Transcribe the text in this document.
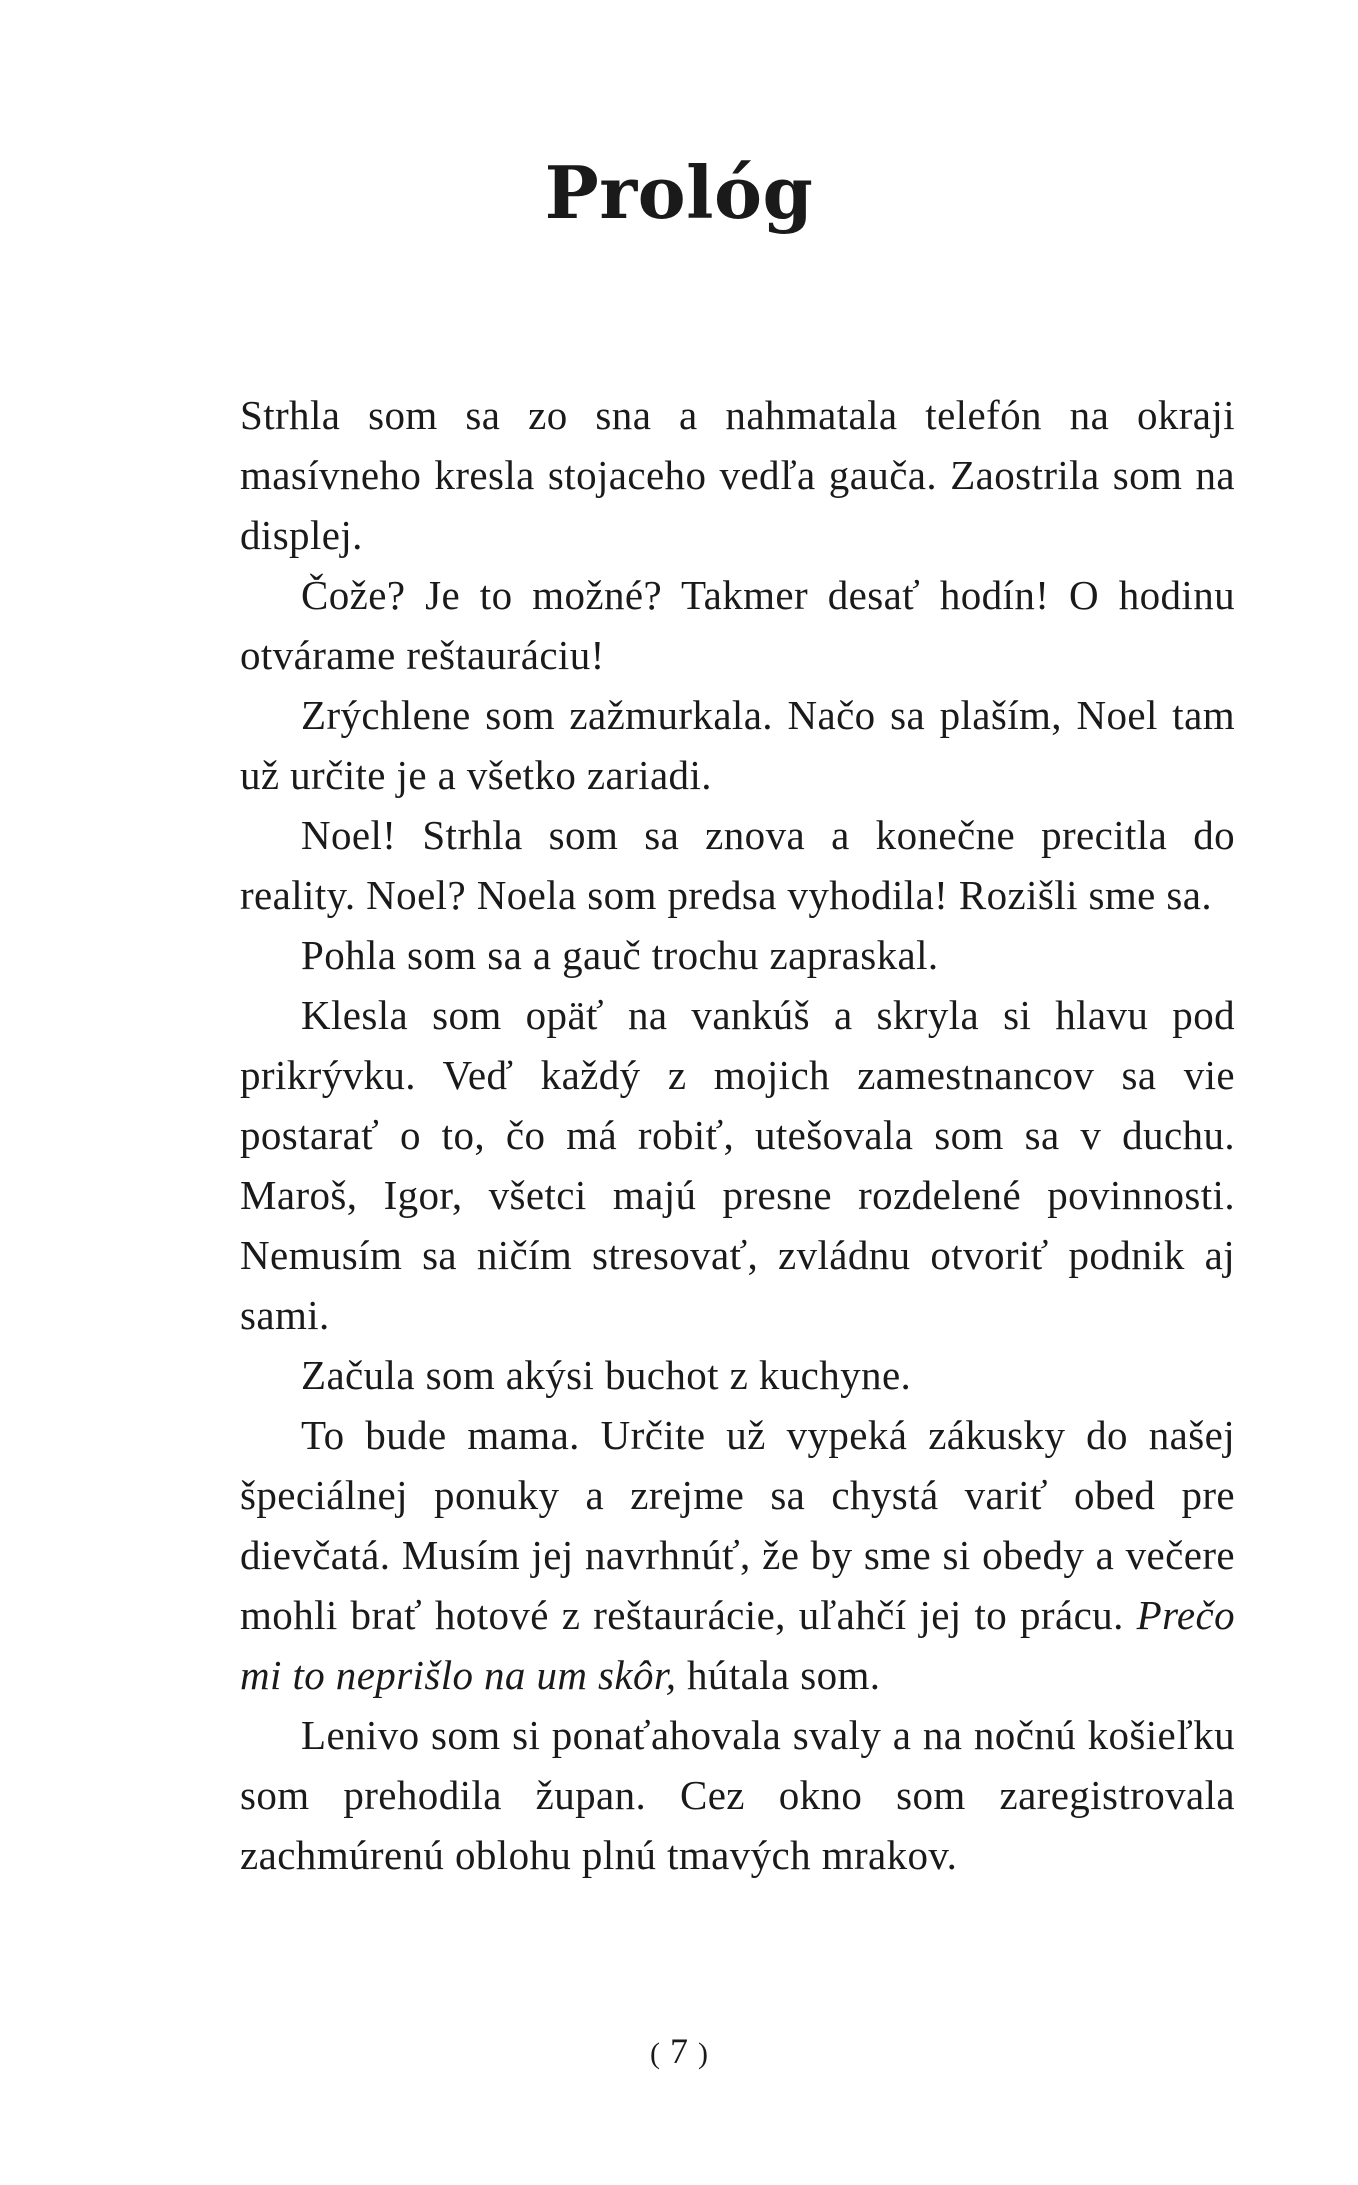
Prológ

Strhla som sa zo sna a nahmatala telefón na okraji masívneho kresla stojaceho vedľa gauča. Zaostrila som na displej.

Čože? Je to možné? Takmer desať hodín! O hodinu otvárame reštauráciu!

Zrýchlene som zažmurkala. Načo sa plaším, Noel tam už určite je a všetko zariadi.

Noel! Strhla som sa znova a konečne precitla do reality. Noel? Noela som predsa vyhodila! Rozišli sme sa.

Pohla som sa a gauč trochu zapraskal.

Klesla som opäť na vankúš a skryla si hlavu pod prikrývku. Veď každý z mojich zamestnancov sa vie postarať o to, čo má robiť, utešovala som sa v duchu. Maroš, Igor, všetci majú presne rozdelené povinnosti. Nemusím sa ničím stresovať, zvládnu otvoriť podnik aj sami.

Začula som akýsi buchot z kuchyne.

To bude mama. Určite už vypeká zákusky do našej špeciálnej ponuky a zrejme sa chystá variť obed pre dievčatá. Musím jej navrhnúť, že by sme si obedy a večere mohli brať hotové z reštaurácie, uľahčí jej to prácu. Prečo mi to neprišlo na um skôr, hútala som.

Lenivo som si ponaťahovala svaly a na nočnú košieľku som prehodila župan. Cez okno som zaregistrovala zachmúrenú oblohu plnú tmavých mrakov.

( 7 )
